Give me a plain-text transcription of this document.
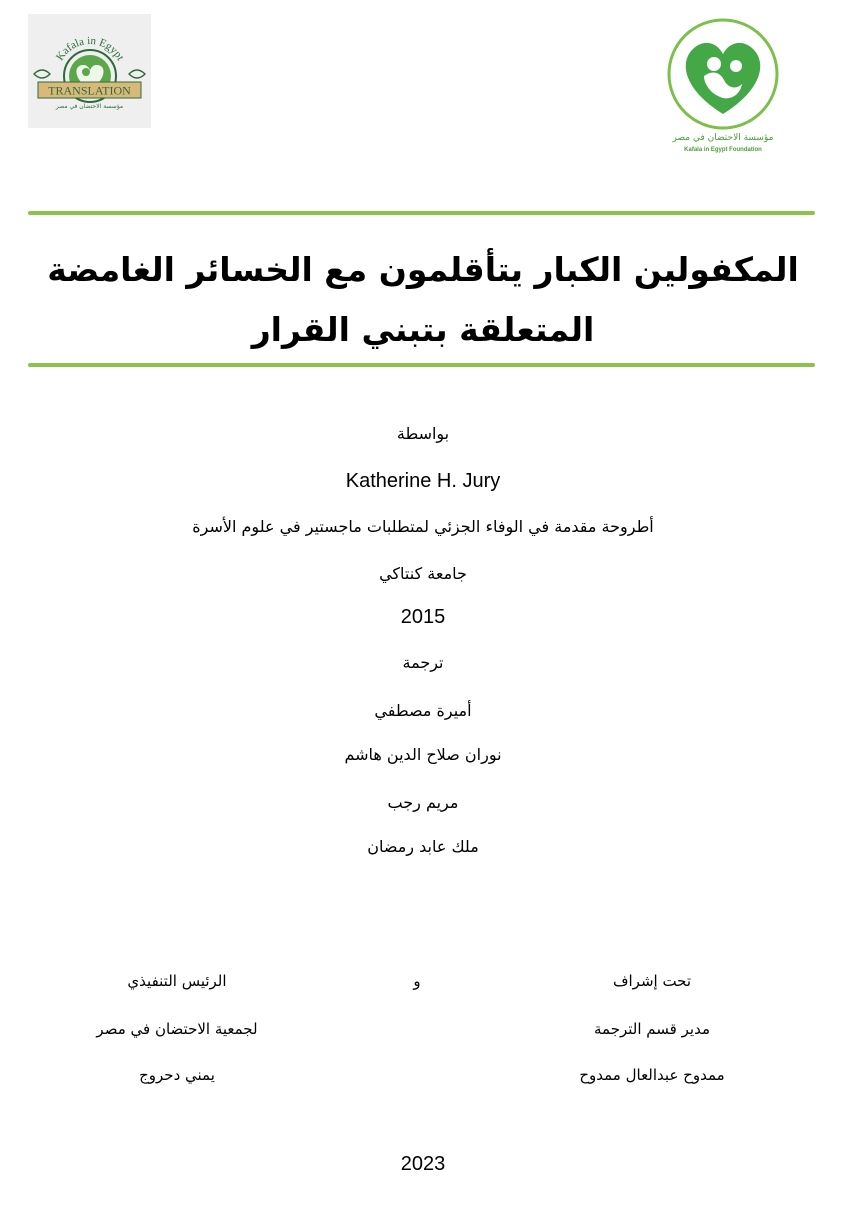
Kafala in Egypt
TRANSLATION
مؤسسة الاحتضان في مصر
مؤسسة الاحتضان في مصر
Kafala in Egypt Foundation
المكفولين الكبار يتأقلمون مع الخسائر الغامضة
المتعلقة بتبني القرار
بواسطة
Katherine H. Jury
أطروحة مقدمة في الوفاء الجزئي لمتطلبات ماجستير في علوم الأسرة
جامعة كنتاكي
2015
ترجمة
أميرة مصطفي
نوران صلاح الدين هاشم
مريم رجب
ملك عابد رمضان
تحت إشراف
مدير قسم الترجمة
ممدوح عبدالعال ممدوح
و
الرئيس التنفيذي
لجمعية الاحتضان في مصر
يمني دحروج
2023
